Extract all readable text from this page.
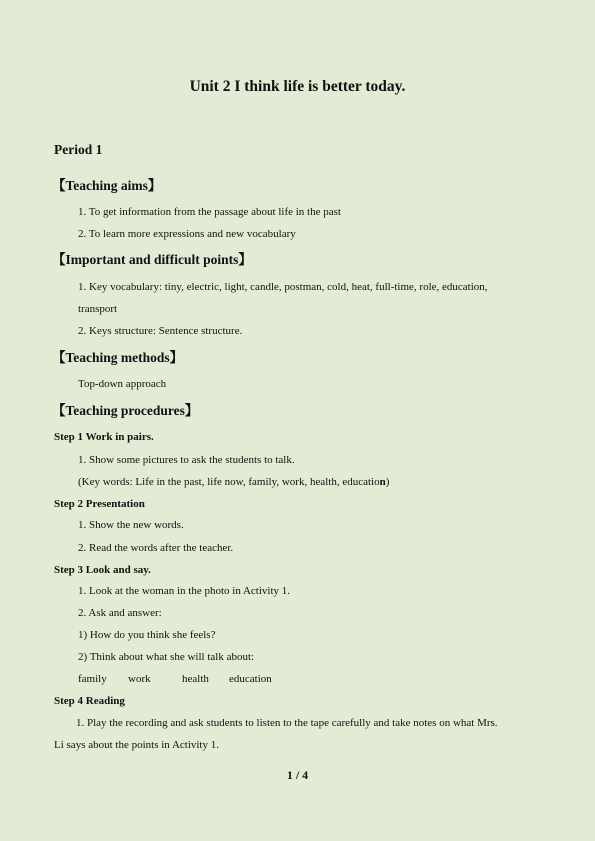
Unit 2 I think life is better today.
Period 1
【Teaching aims】
1. To get information from the passage about life in the past
2. To learn more expressions and new vocabulary
【Important and difficult points】
1. Key vocabulary: tiny, electric, light, candle, postman, cold, heat, full-time, role, education,
transport
2. Keys structure: Sentence structure.
【Teaching methods】
Top-down approach
【Teaching procedures】
Step 1 Work in pairs.
1. Show some pictures to ask the students to talk.
(Key words: Life in the past, life now, family, work, health, education)
Step 2 Presentation
1. Show the new words.
2. Read the words after the teacher.
Step 3 Look and say.
1. Look at the woman in the photo in Activity 1.
2. Ask and answer:
1) How do you think she feels?
2) Think about what she will talk about:
family work	health education
Step 4 Reading
1. Play the recording and ask students to listen to the tape carefully and take notes on what Mrs.
Li says about the points in Activity 1.
1 / 4
